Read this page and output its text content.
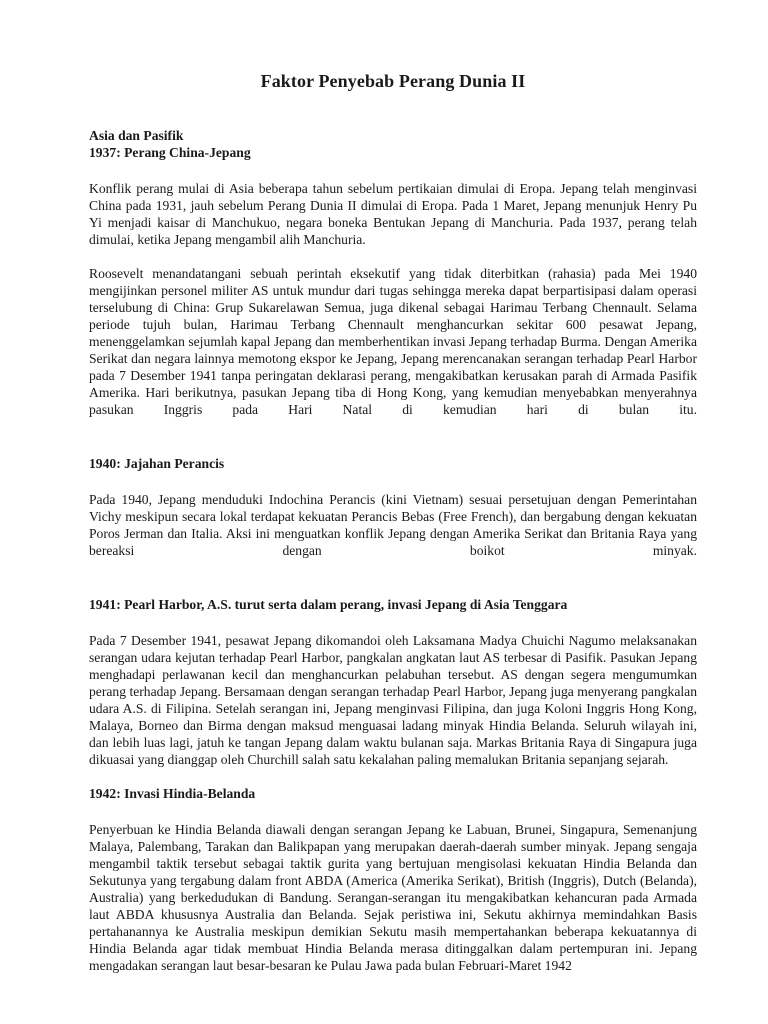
Faktor Penyebab Perang Dunia II

Asia dan Pasifik

1937: Perang China-Jepang

Konflik perang mulai di Asia beberapa tahun sebelum pertikaian dimulai di Eropa. Jepang telah menginvasi China pada 1931, jauh sebelum Perang Dunia II dimulai di Eropa. Pada 1 Maret, Jepang menunjuk Henry Pu Yi menjadi kaisar di Manchukuo, negara boneka Bentukan Jepang di Manchuria. Pada 1937, perang telah dimulai, ketika Jepang mengambil alih Manchuria.

Roosevelt menandatangani sebuah perintah eksekutif yang tidak diterbitkan (rahasia) pada Mei 1940 mengijinkan personel militer AS untuk mundur dari tugas sehingga mereka dapat berpartisipasi dalam operasi terselubung di China: Grup Sukarelawan Semua, juga dikenal sebagai Harimau Terbang Chennault. Selama periode tujuh bulan, Harimau Terbang Chennault menghancurkan sekitar 600 pesawat Jepang, menenggelamkan sejumlah kapal Jepang dan memberhentikan invasi Jepang terhadap Burma. Dengan Amerika Serikat dan negara lainnya memotong ekspor ke Jepang, Jepang merencanakan serangan terhadap Pearl Harbor pada 7 Desember 1941 tanpa peringatan deklarasi perang, mengakibatkan kerusakan parah di Armada Pasifik Amerika. Hari berikutnya, pasukan Jepang tiba di Hong Kong, yang kemudian menyebabkan menyerahnya pasukan Inggris pada Hari Natal di kemudian hari di bulan itu.

1940: Jajahan Perancis

Pada 1940, Jepang menduduki Indochina Perancis (kini Vietnam) sesuai persetujuan dengan Pemerintahan Vichy meskipun secara lokal terdapat kekuatan Perancis Bebas (Free French), dan bergabung dengan kekuatan Poros Jerman dan Italia. Aksi ini menguatkan konflik Jepang dengan Amerika Serikat dan Britania Raya yang bereaksi dengan boikot minyak.

1941: Pearl Harbor, A.S. turut serta dalam perang, invasi Jepang di Asia Tenggara

Pada 7 Desember 1941, pesawat Jepang dikomandoi oleh Laksamana Madya Chuichi Nagumo melaksanakan serangan udara kejutan terhadap Pearl Harbor, pangkalan angkatan laut AS terbesar di Pasifik. Pasukan Jepang menghadapi perlawanan kecil dan menghancurkan pelabuhan tersebut. AS dengan segera mengumumkan perang terhadap Jepang. Bersamaan dengan serangan terhadap Pearl Harbor, Jepang juga menyerang pangkalan udara A.S. di Filipina. Setelah serangan ini, Jepang menginvasi Filipina, dan juga Koloni Inggris Hong Kong, Malaya, Borneo dan Birma dengan maksud menguasai ladang minyak Hindia Belanda. Seluruh wilayah ini, dan lebih luas lagi, jatuh ke tangan Jepang dalam waktu bulanan saja. Markas Britania Raya di Singapura juga dikuasai yang dianggap oleh Churchill salah satu kekalahan paling memalukan Britania sepanjang sejarah.

1942: Invasi Hindia-Belanda

Penyerbuan ke Hindia Belanda diawali dengan serangan Jepang ke Labuan, Brunei, Singapura, Semenanjung Malaya, Palembang, Tarakan dan Balikpapan yang merupakan daerah-daerah sumber minyak. Jepang sengaja mengambil taktik tersebut sebagai taktik gurita yang bertujuan mengisolasi kekuatan Hindia Belanda dan Sekutunya yang tergabung dalam front ABDA (America (Amerika Serikat), British (Inggris), Dutch (Belanda), Australia) yang berkedudukan di Bandung. Serangan-serangan itu mengakibatkan kehancuran pada Armada laut ABDA khususnya Australia dan Belanda. Sejak peristiwa ini, Sekutu akhirnya memindahkan Basis pertahanannya ke Australia meskipun demikian Sekutu masih mempertahankan beberapa kekuatannya di Hindia Belanda agar tidak membuat Hindia Belanda merasa ditinggalkan dalam pertempuran ini. Jepang mengadakan serangan laut besar-besaran ke Pulau Jawa pada bulan Februari-Maret 1942
